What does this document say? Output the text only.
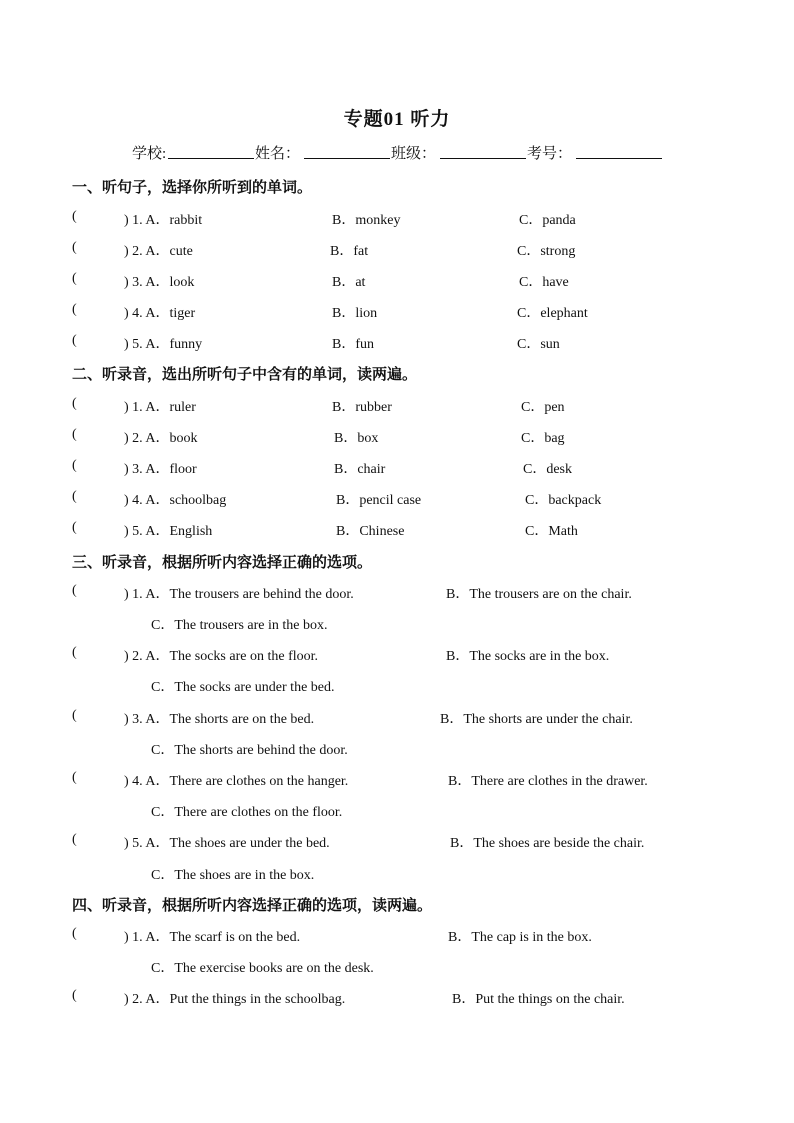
专题01 听力
学校:	姓名：	班级：	考号：
一、听句子，选择你所听到的单词。
(	) 1. A．rabbit	B．monkey	C．panda
(	) 2. A．cute	B．fat	C．strong
(	) 3. A．look	B．at	C．have
(	) 4. A．tiger	B．lion	C．elephant
(	) 5. A．funny	B．fun	C．sun
二、听录音，选出所听句子中含有的单词，读两遍。
(	) 1. A．ruler	B．rubber	C．pen
(	) 2. A．book	B．box	C．bag
(	) 3. A．floor	B．chair	C．desk
(	) 4. A．schoolbag	B．pencil case	C．backpack
(	) 5. A．English	B．Chinese	C．Math
三、听录音，根据所听内容选择正确的选项。
(	) 1. A．The trousers are behind the door.	B．The trousers are on the chair.
C．The trousers are in the box.
(	) 2. A．The socks are on the floor.	B．The socks are in the box.
C．The socks are under the bed.
(	) 3. A．The shorts are on the bed.	B．The shorts are under the chair.
C．The shorts are behind the door.
(	) 4. A．There are clothes on the hanger.	B．There are clothes in the drawer.
C．There are clothes on the floor.
(	) 5. A．The shoes are under the bed.	B．The shoes are beside the chair.
C．The shoes are in the box.
四、听录音，根据所听内容选择正确的选项，读两遍。
(	) 1. A．The scarf is on the bed.	B．The cap is in the box.
C．The exercise books are on the desk.
(	) 2. A．Put the things in the schoolbag.	B．Put the things on the chair.
